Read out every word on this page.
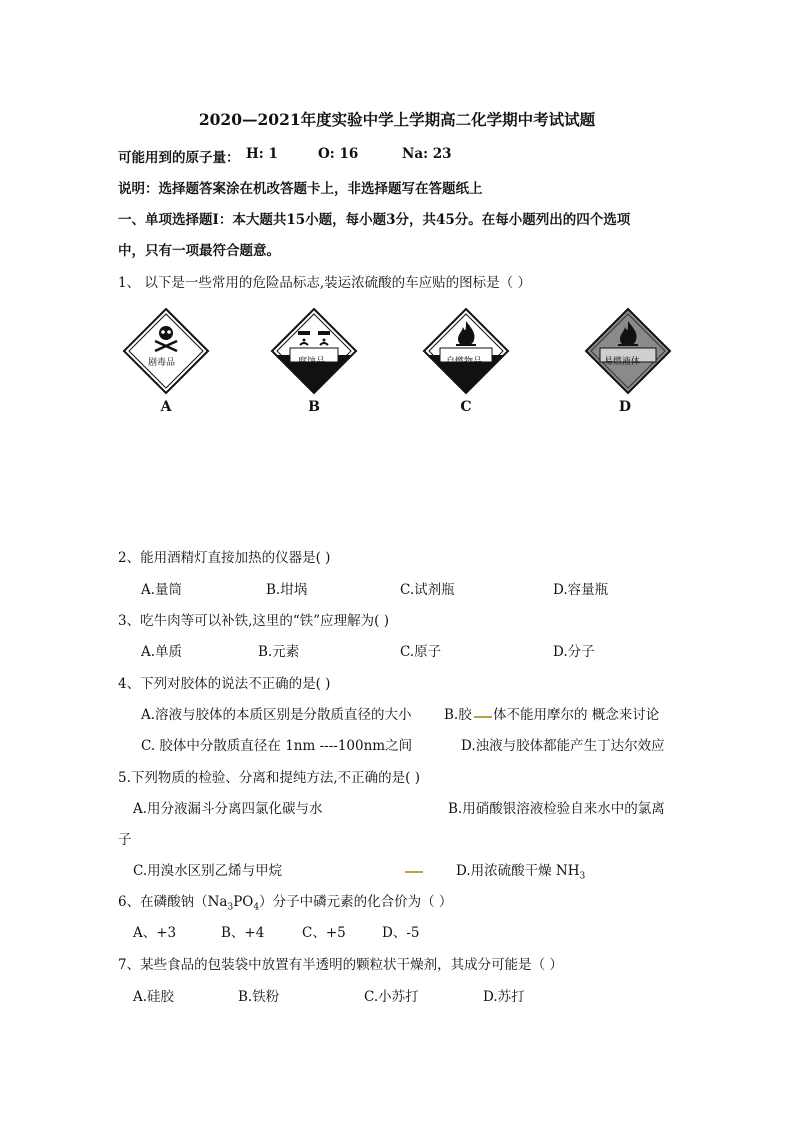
2020—2021年度实验中学上学期高二化学期中考试试题
可能用到的原子量： H: 1	O: 16	Na: 23
说明：选择题答案涂在机改答题卡上，非选择题写在答题纸上
一、单项选择题Ⅰ：本大题共15小题，每小题3分，共45分。在每小题列出的四个选项
中，只有一项最符合题意。
1、 以下是一些常用的危险品标志,装运浓硫酸的车应贴的图标是（ ）
剧毒品	腐蚀品	自燃物品	易燃液体
A	B	C	D
2、能用酒精灯直接加热的仪器是( )
A.量筒	B.坩埚	C.试剂瓶	D.容量瓶
3、吃牛肉等可以补铁,这里的“铁”应理解为( )
A.单质	B.元素	C.原子	D.分子
4、下列对胶体的说法不正确的是( )
A.溶液与胶体的本质区别是分散质直径的大小 B.胶 体不能用摩尔的 概念来讨论
C. 胶体中分散质直径在 1nm ----100nm之间	D.浊液与胶体都能产生丁达尔效应
5.下列物质的检验、分离和提纯方法,不正确的是( )
A.用分液漏斗分离四氯化碳与水	B.用硝酸银溶液检验自来水中的氯离
子
C.用溴水区别乙烯与甲烷	D.用浓硫酸干燥 $NH_3$
6、在磷酸钠$(Na_3PO_4)$分子中磷元素的化合价为（ ）
A、+3	B、+4	C、+5	D、-5
7、某些食品的包装袋中放置有半透明的颗粒状干燥剂，其成分可能是（ ）
A.硅胶	B.铁粉	C.小苏打	D.苏打
